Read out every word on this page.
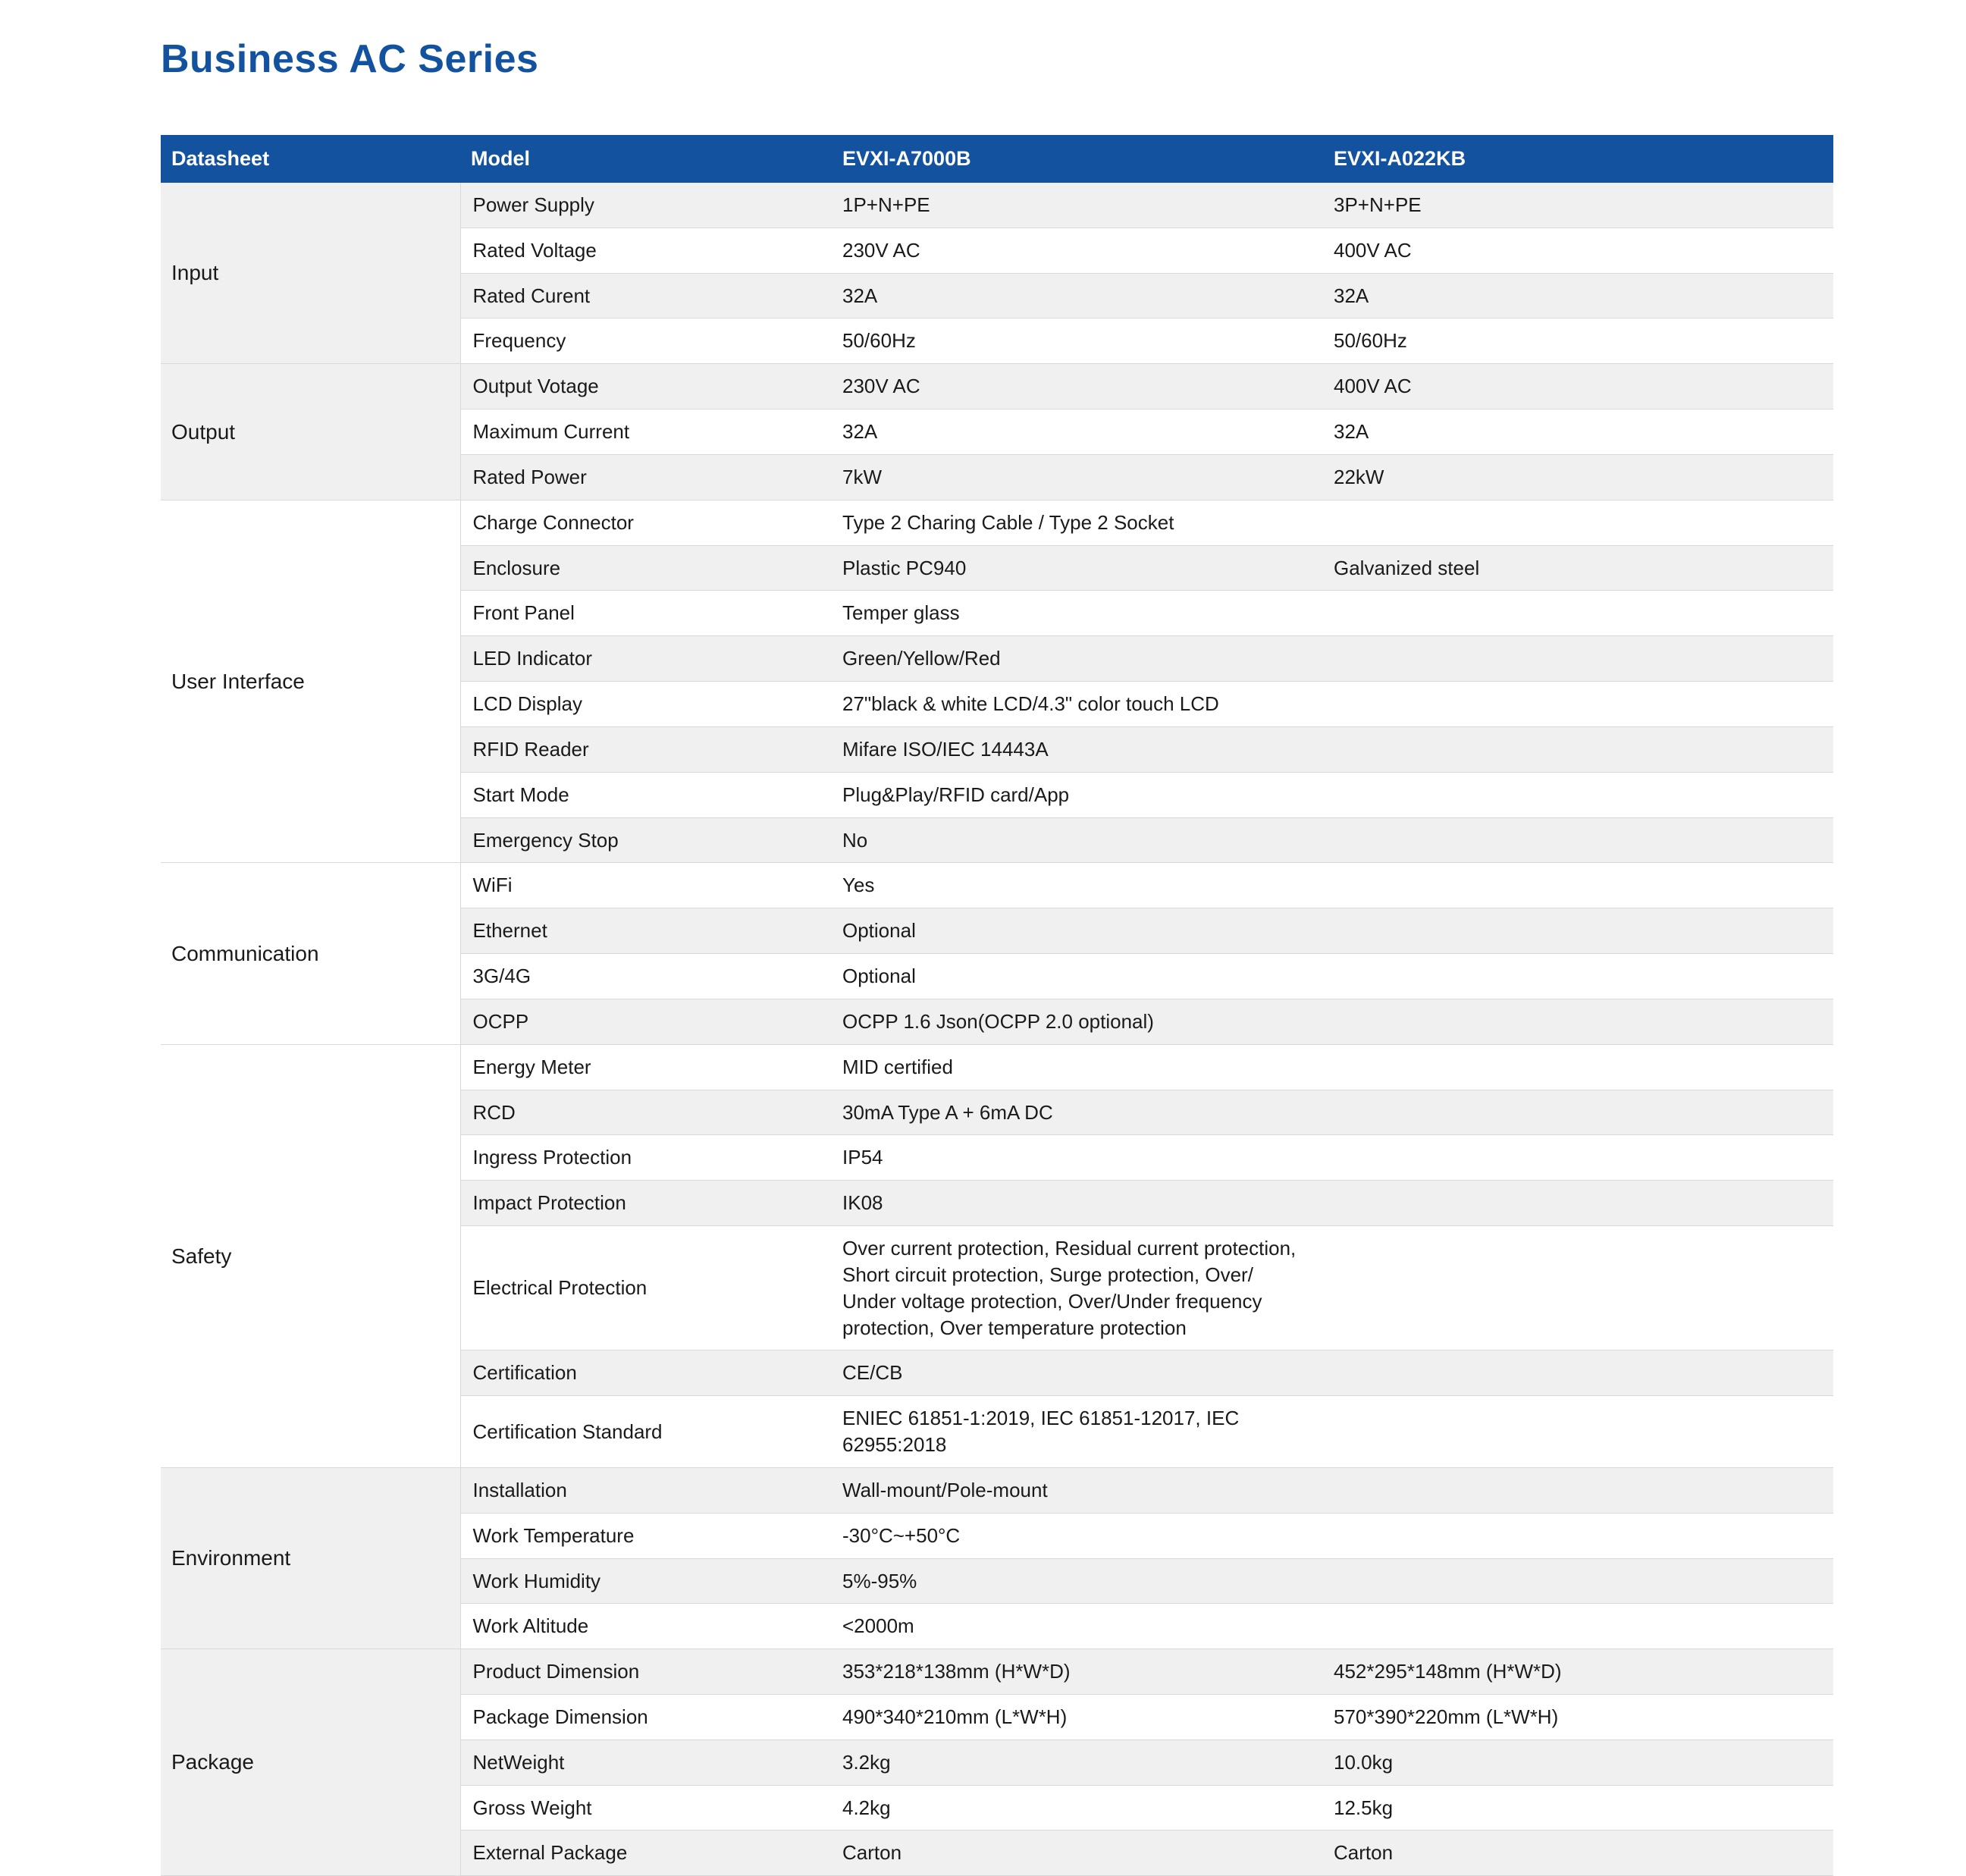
Business AC Series
Datasheet	Model	EVXI-A7000B	EVXI-A022KB
Input	Power Supply	1P+N+PE	3P+N+PE
	Rated Voltage	230V AC	400V AC
	Rated Curent	32A	32A
	Frequency	50/60Hz	50/60Hz
Output	Output Votage	230V AC	400V AC
	Maximum Current	32A	32A
	Rated Power	7kW	22kW
User Interface	Charge Connector	Type 2 Charing Cable / Type 2 Socket	
	Enclosure	Plastic PC940	Galvanized steel
	Front Panel	Temper glass	
	LED Indicator	Green/Yellow/Red	
	LCD Display	27"black & white LCD/4.3" color touch LCD	
	RFID Reader	Mifare ISO/IEC 14443A	
	Start Mode	Plug&Play/RFID card/App	
	Emergency Stop	No	
Communication	WiFi	Yes	
	Ethernet	Optional	
	3G/4G	Optional	
	OCPP	OCPP 1.6 Json(OCPP 2.0 optional)	
Safety	Energy Meter	MID certified	
	RCD	30mA Type A + 6mA DC	
	Ingress Protection	IP54	
	Impact Protection	IK08	
	Electrical Protection	Over current protection, Residual current protection, Short circuit protection, Surge protection, Over/
Under voltage protection, Over/Under frequency protection, Over temperature protection	
	Certification	CE/CB	
	Certification Standard	ENIEC 61851-1:2019, IEC 61851-12017, IEC
62955:2018	
Environment	Installation	Wall-mount/Pole-mount	
	Work Temperature	-30°C~+50°C	
	Work Humidity	5%-95%	
	Work Altitude	<2000m	
Package	Product Dimension	353*218*138mm (H*W*D)	452*295*148mm (H*W*D)
	Package Dimension	490*340*210mm (L*W*H)	570*390*220mm (L*W*H)
	NetWeight	3.2kg	10.0kg
	Gross Weight	4.2kg	12.5kg
	External Package	Carton	Carton
